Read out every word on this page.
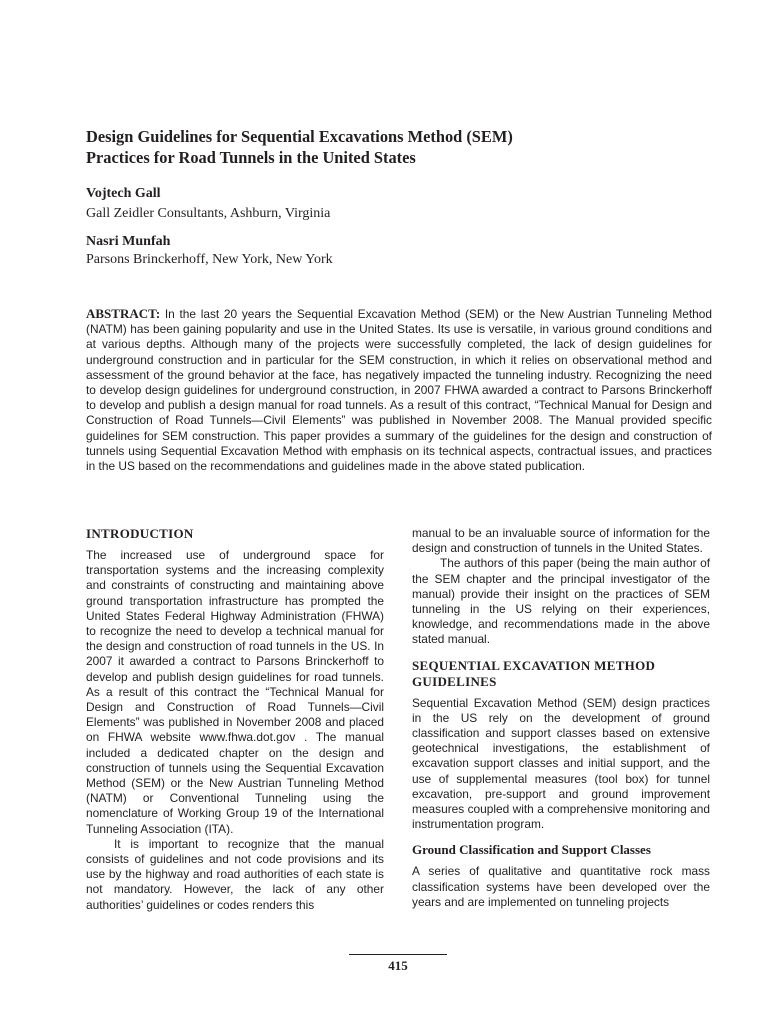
Design Guidelines for Sequential Excavations Method (SEM)
Practices for Road Tunnels in the United States
Vojtech Gall
Gall Zeidler Consultants, Ashburn, Virginia
Nasri Munfah
Parsons Brinckerhoff, New York, New York

ABSTRACT: In the last 20 years the Sequential Excavation Method (SEM) or the New Austrian Tunneling Method (NATM) has been gaining popularity and use in the United States. Its use is versatile, in various ground conditions and at various depths. Although many of the projects were successfully completed, the lack of design guidelines for underground construction and in particular for the SEM construction, in which it relies on observational method and assessment of the ground behavior at the face, has negatively impacted the tunneling industry. Recognizing the need to develop design guidelines for underground construction, in 2007 FHWA awarded a contract to Parsons Brinckerhoff to develop and publish a design manual for road tunnels. As a result of this contract, “Technical Manual for Design and Construction of Road Tunnels—Civil Elements” was published in November 2008. The Manual provided specific guidelines for SEM construction. This paper provides a summary of the guidelines for the design and construction of tunnels using Sequential Excavation Method with emphasis on its technical aspects, contractual issues, and practices in the US based on the recommendations and guidelines made in the above stated publication.

INTRODUCTION

The increased use of underground space for transportation systems and the increasing complexity and constraints of constructing and maintaining above ground transportation infrastructure has prompted the United States Federal Highway Administration (FHWA) to recognize the need to develop a technical manual for the design and construction of road tunnels in the US. In 2007 it awarded a contract to Parsons Brinckerhoff to develop and publish design guidelines for road tunnels. As a result of this contract the “Technical Manual for Design and Construction of Road Tunnels—Civil Elements” was published in November 2008 and placed on FHWA website www.fhwa.dot.gov . The manual included a dedicated chapter on the design and construction of tunnels using the Sequential Excavation Method (SEM) or the New Austrian Tunneling Method (NATM) or Conventional Tunneling using the nomenclature of Working Group 19 of the International Tunneling Association (ITA).

It is important to recognize that the manual consists of guidelines and not code provisions and its use by the highway and road authorities of each state is not mandatory. However, the lack of any other authorities’ guidelines or codes renders this

manual to be an invaluable source of information for the design and construction of tunnels in the United States.

The authors of this paper (being the main author of the SEM chapter and the principal investigator of the manual) provide their insight on the practices of SEM tunneling in the US relying on their experiences, knowledge, and recommendations made in the above stated manual.

SEQUENTIAL EXCAVATION METHOD GUIDELINES

Sequential Excavation Method (SEM) design practices in the US rely on the development of ground classification and support classes based on extensive geotechnical investigations, the establishment of excavation support classes and initial support, and the use of supplemental measures (tool box) for tunnel excavation, pre-support and ground improvement measures coupled with a comprehensive monitoring and instrumentation program.

Ground Classification and Support Classes

A series of qualitative and quantitative rock mass classification systems have been developed over the years and are implemented on tunneling projects

415
